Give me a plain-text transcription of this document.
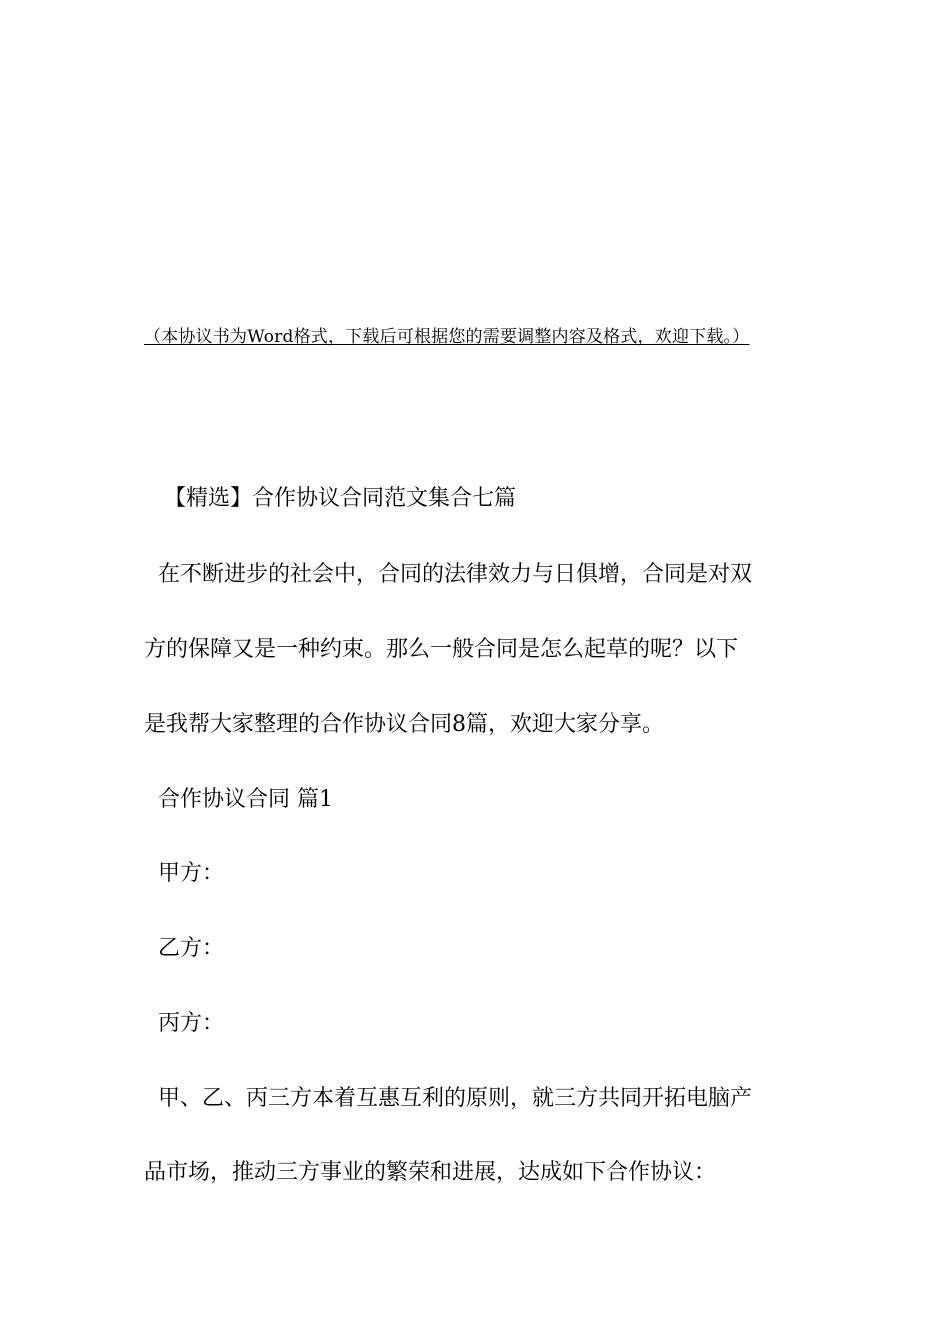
（本协议书为Word格式，下载后可根据您的需要调整内容及格式，欢迎下载。）
【精选】合作协议合同范文集合七篇
在不断进步的社会中，合同的法律效力与日俱增，合同是对双
方的保障又是一种约束。那么一般合同是怎么起草的呢？以下
是我帮大家整理的合作协议合同8篇，欢迎大家分享。
合作协议合同 篇1
甲方：
乙方：
丙方：
甲、乙、丙三方本着互惠互利的原则，就三方共同开拓电脑产
品市场，推动三方事业的繁荣和进展，达成如下合作协议：
